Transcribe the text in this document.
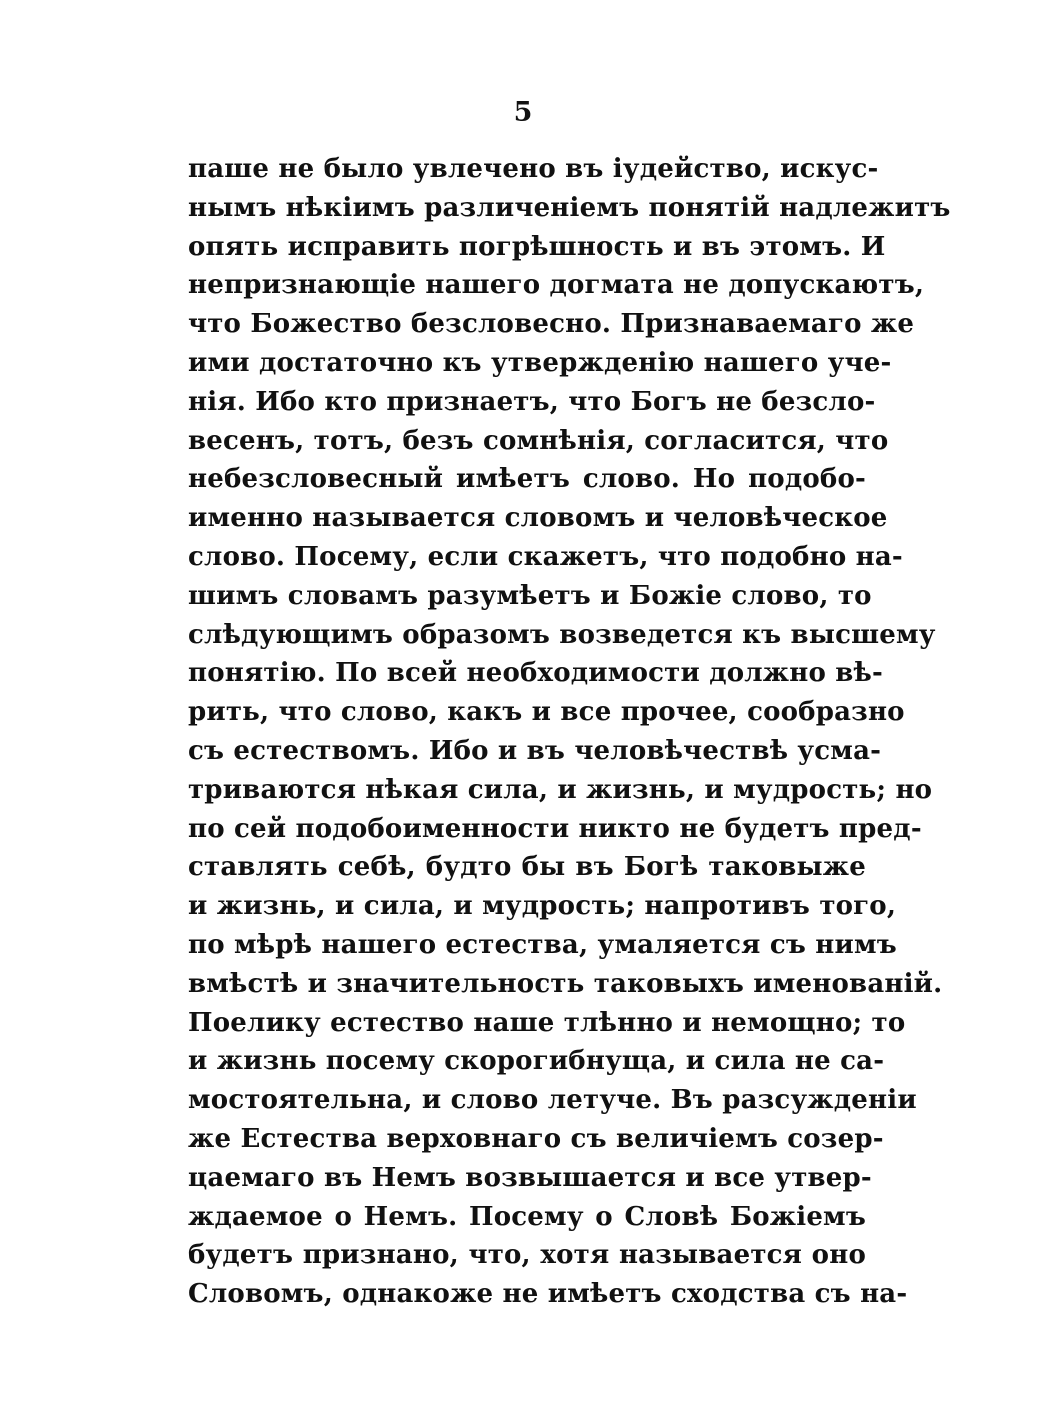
5
паше не было увлечено въ іудейство, искус-
нымъ нѣкіимъ различеніемъ понятій надлежитъ
опять исправить погрѣшность и въ этомъ. И
непризнающіе нашего догмата не допускаютъ,
что Божество безсловесно. Признаваемаго же
ими достаточно къ утвержденію нашего уче-
нія. Ибо кто признаетъ, что Богъ не безсло-
весенъ, тотъ, безъ сомнѣнія, согласится, что
небезсловесный имѣетъ слово. Но подобо-
именно называется словомъ и человѣческое
слово. Посему, если скажетъ, что подобно на-
шимъ словамъ разумѣетъ и Божіе слово, то
слѣдующимъ образомъ возведется къ высшему
понятію. По всей необходимости должно вѣ-
рить, что слово, какъ и все прочее, сообразно
съ естествомъ. Ибо и въ человѣчествѣ усма-
триваются нѣкая сила, и жизнь, и мудрость; но
по сей подобоименности никто не будетъ пред-
ставлять себѣ, будто бы въ Богѣ таковыже
и жизнь, и сила, и мудрость; напротивъ того,
по мѣрѣ нашего естества, умаляется съ нимъ
вмѣстѣ и значительность таковыхъ именованій.
Поелику естество наше тлѣнно и немощно; то
и жизнь посему скорогибнуща, и сила не са-
мостоятельна, и слово летуче. Въ разсужденіи
же Естества верховнаго съ величіемъ созер-
цаемаго въ Немъ возвышается и все утвер-
ждаемое о Немъ. Посему о Словѣ Божіемъ
будетъ признано, что, хотя называется оно
Словомъ, однакоже не имѣетъ сходства съ на-
